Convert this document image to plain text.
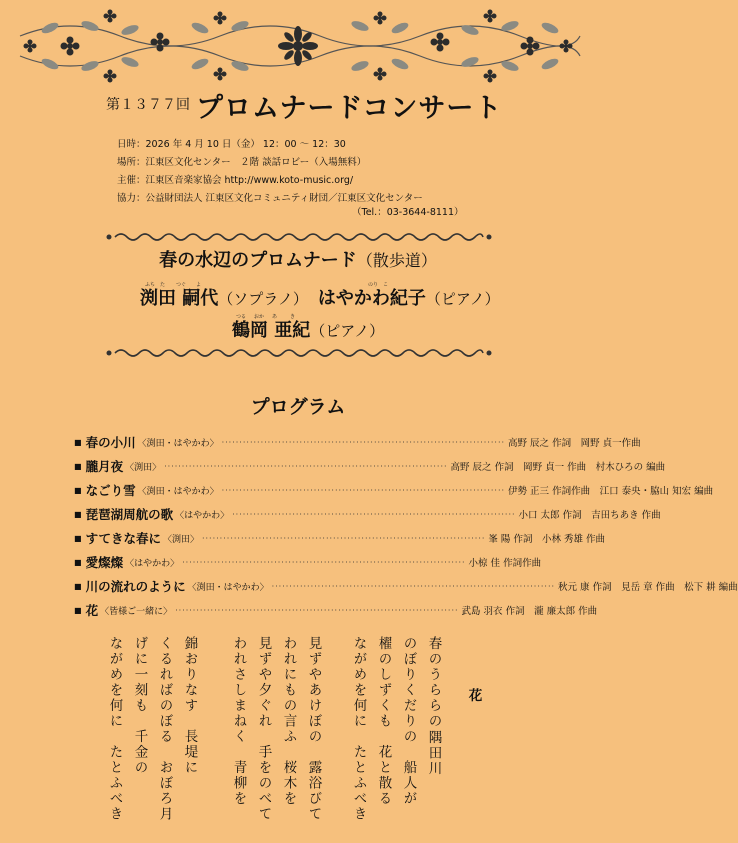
第１３７７回 プロムナードコンサート
日時：2026 年 4 月 10 日（金） 12：00 ～ 12：30
場所：江東区文化センター　２階 談話ロビー（入場無料）
主催：江東区音楽家協会 http://www.koto-music.org/
協力：公益財団法人 江東区文化コミュニティ財団／江東区文化センター
（Tel.：03-3644-8111）
春の水辺のプロムナード（散歩道）
ふち た つぐ よ	のり こ
つる おか あ	き
渕田 嗣代（ソプラノ） はやかわ紀子（ピアノ）
鶴岡 亜紀（ピアノ）
プログラム
■ 春の小川 〈渕田・はやかわ〉 ················································································ 高野 辰之 作詞　岡野 貞一作曲
■ 朧月夜 〈渕田〉 ················································································ 高野 辰之 作詞　岡野 貞一 作曲　村木ひろの 編曲
■ なごり雪 〈渕田・はやかわ〉 ················································································ 伊勢 正三 作詞作曲　江口 泰央・脇山 知宏 編曲
■ 琵琶湖周航の歌 〈はやかわ〉 ················································································ 小口 太郎 作詞　吉田ちあき 作曲
■ すてきな春に 〈渕田〉 ················································································ 峯 陽 作詞　小林 秀雄 作曲
■ 愛燦燦 〈はやかわ〉 ················································································ 小椋 佳 作詞作曲
■ 川の流れのように 〈渕田・はやかわ〉 ················································································ 秋元 康 作詞　見岳 章 作曲　松下 耕 編曲
■ 花 〈皆様ご一緒に〉 ················································································ 武島 羽衣 作詞　瀧 廉太郎 作曲
花
春のうららの
隅田川
のぼりくだりの　船人が
櫂のしずくも　花と散る
ながめを何に　たとふべき
見ずやあけぼの　露浴びて
われにもの言ふ　桜木を
見ずや夕ぐれ　手をのべて
われさしまねく　青柳を
錦おりなす　長堤に
くるればのぼる　おぼろ月
げに一刻も　千金の
ながめを何に　たとふべき
